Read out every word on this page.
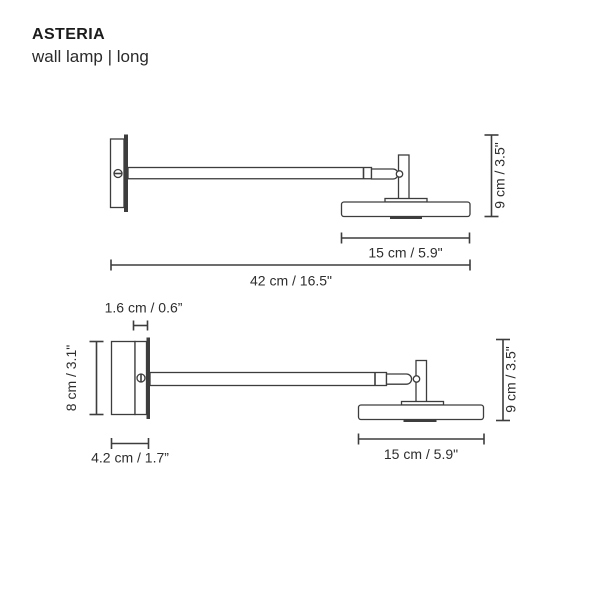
ASTERIA
wall lamp | long
15 cm / 5.9"
42 cm / 16.5"
9 cm / 3.5"
1.6 cm / 0.6”
8 cm / 3.1"
4.2 cm / 1.7”	15 cm / 5.9"
9 cm / 3.5"
